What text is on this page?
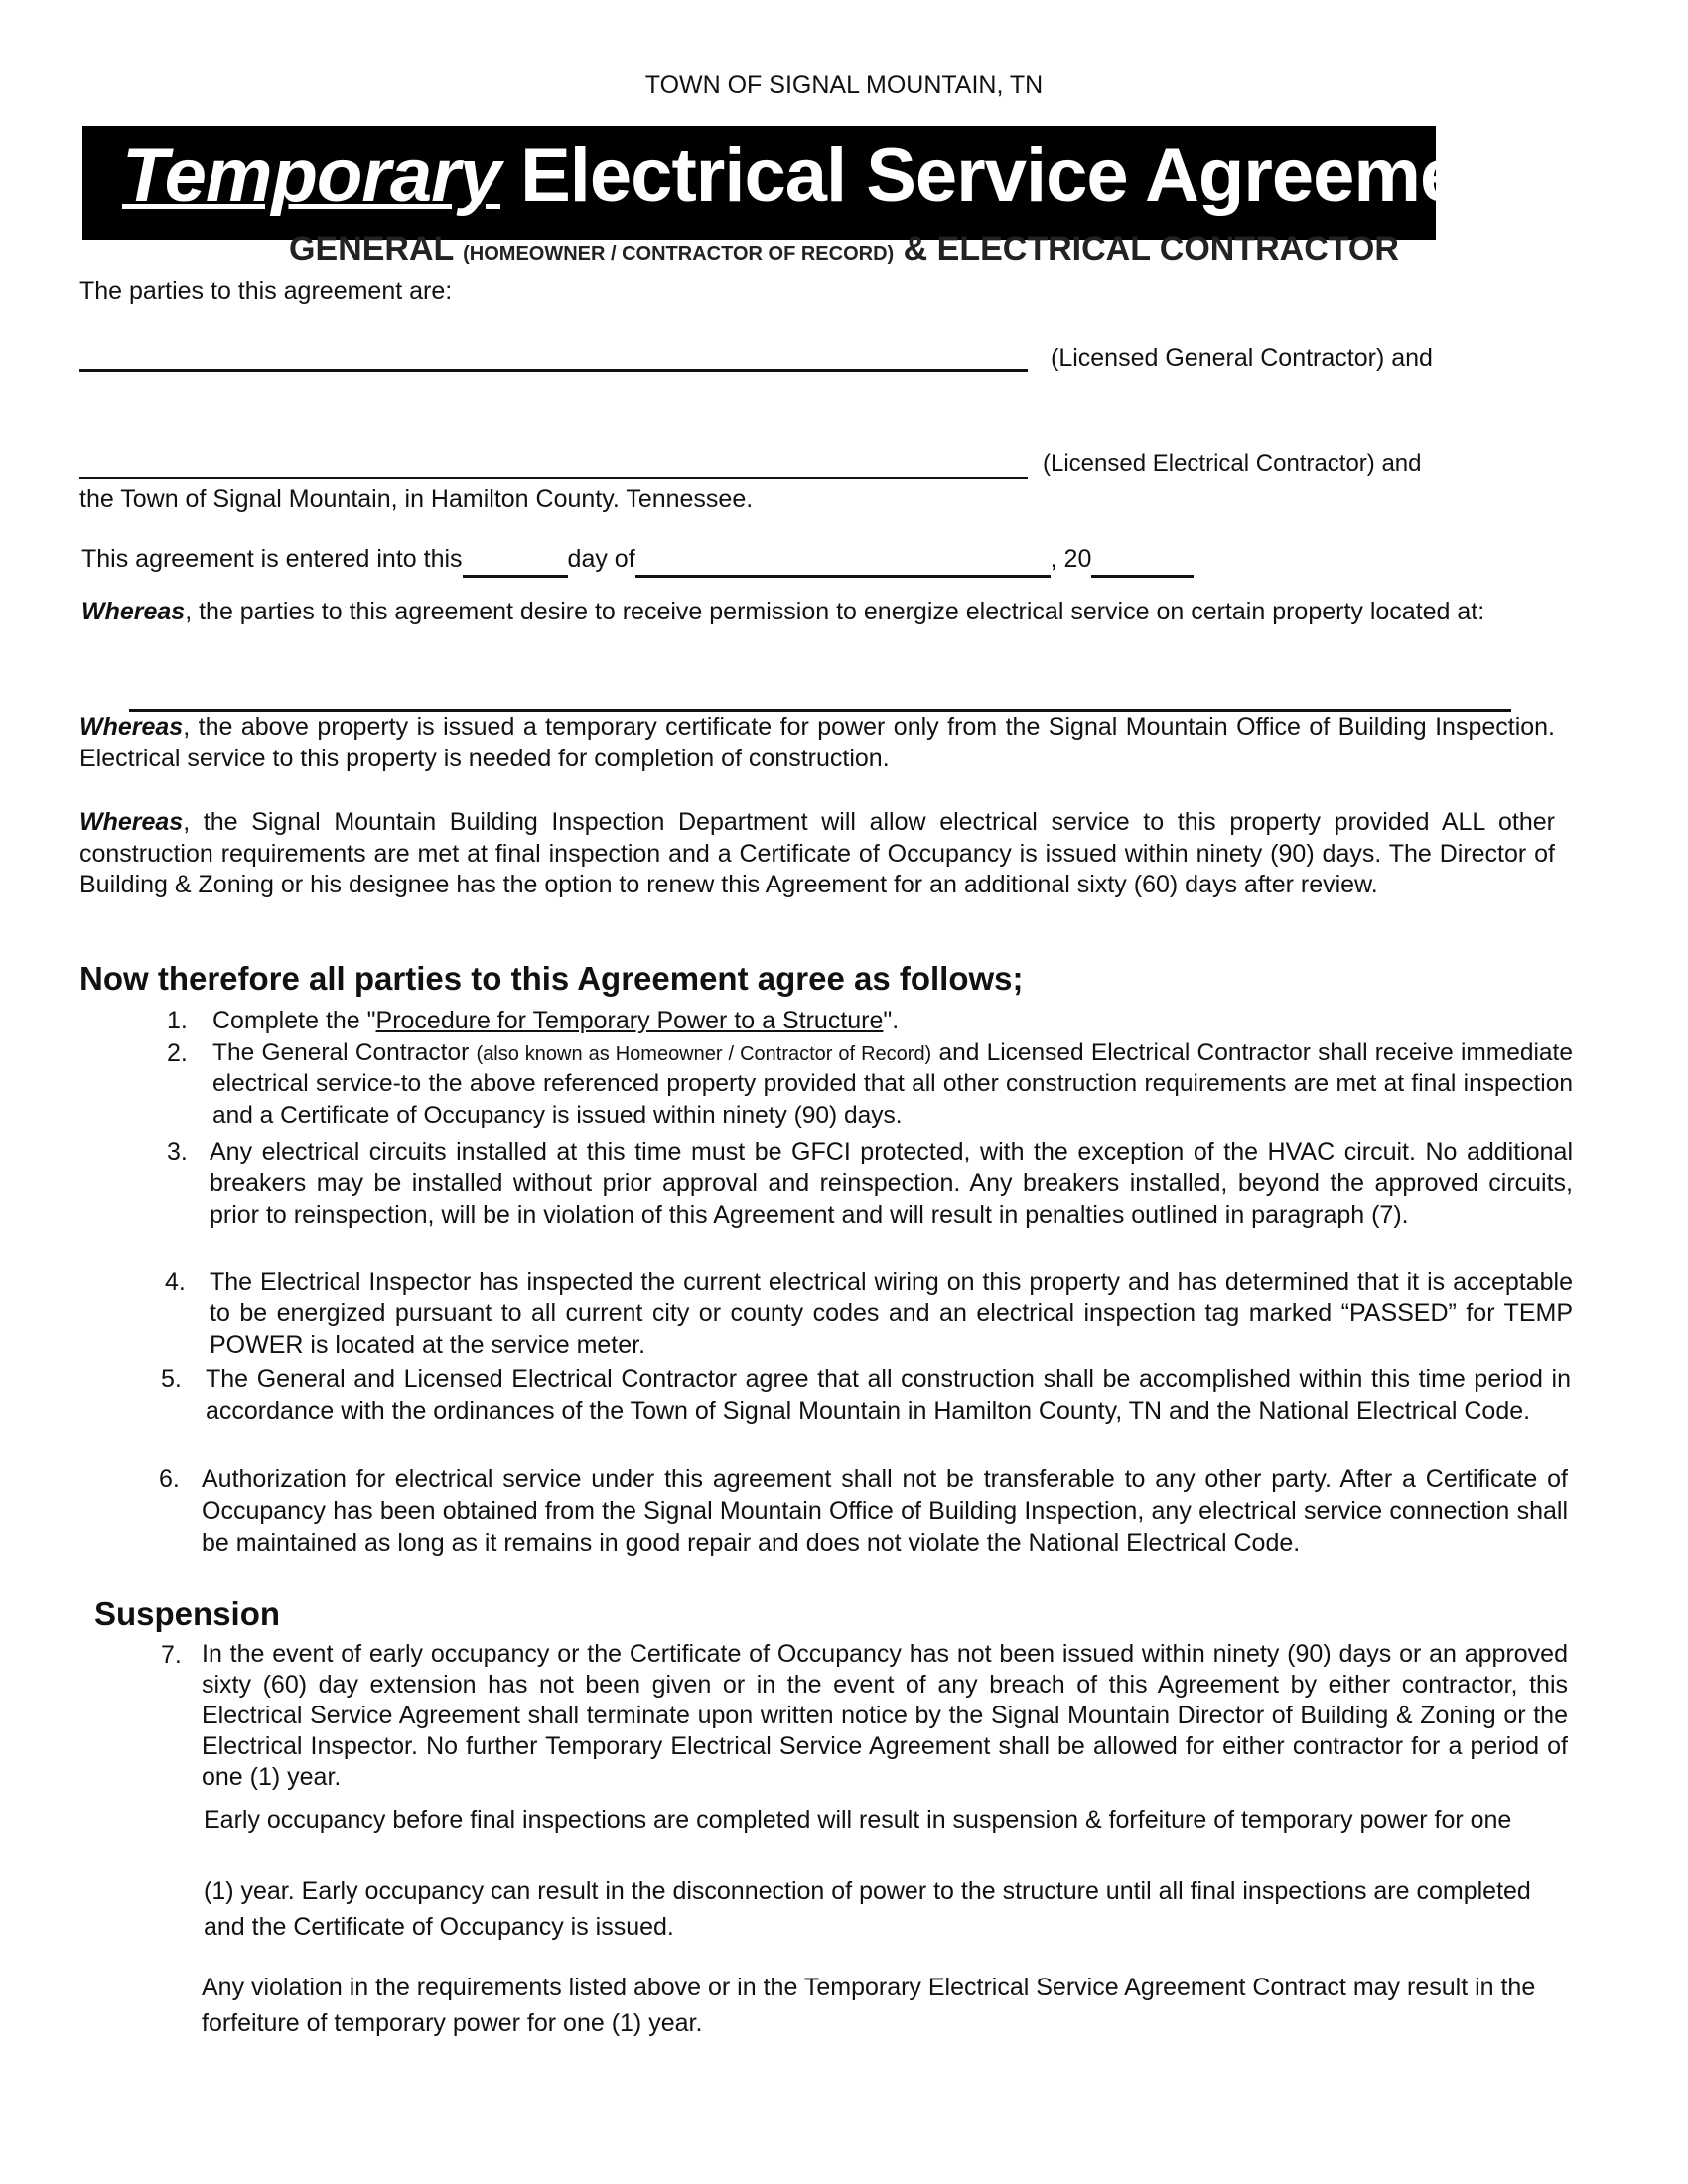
TOWN OF SIGNAL MOUNTAIN, TN
Temporary Electrical Service Agreement
GENERAL (HOMEOWNER / CONTRACTOR OF RECORD) & ELECTRICAL CONTRACTOR
The parties to this agreement are:
(Licensed General Contractor) and
(Licensed Electrical Contractor) and
the Town of Signal Mountain, in Hamilton County. Tennessee.
This agreement is entered into this	day of	, 20
Whereas, the parties to this agreement desire to receive permission to energize electrical service on certain property located at:
Whereas, the above property is issued a temporary certificate for power only from the Signal Mountain Office of Building Inspection. Electrical service to this property is needed for completion of construction.
Whereas, the Signal Mountain Building Inspection Department will allow electrical service to this property provided ALL other construction requirements are met at final inspection and a Certificate of Occupancy is issued within ninety (90) days. The Director of Building & Zoning or his designee has the option to renew this Agreement for an additional sixty (60) days after review.
Now therefore all parties to this Agreement agree as follows;
1. Complete the "Procedure for Temporary Power to a Structure".
2. The General Contractor (also known as Homeowner / Contractor of Record) and Licensed Electrical Contractor shall receive immediate electrical service-to the above referenced property provided that all other construction requirements are met at final inspection and a Certificate of Occupancy is issued within ninety (90) days.
3. Any electrical circuits installed at this time must be GFCI protected, with the exception of the HVAC circuit. No additional breakers may be installed without prior approval and reinspection. Any breakers installed, beyond the approved circuits, prior to reinspection, will be in violation of this Agreement and will result in penalties outlined in paragraph (7).
4. The Electrical Inspector has inspected the current electrical wiring on this property and has determined that it is acceptable to be energized pursuant to all current city or county codes and an electrical inspection tag marked “PASSED” for TEMP POWER is located at the service meter.
5. The General and Licensed Electrical Contractor agree that all construction shall be accomplished within this time period in accordance with the ordinances of the Town of Signal Mountain in Hamilton County, TN and the National Electrical Code.
6. Authorization for electrical service under this agreement shall not be transferable to any other party. After a Certificate of Occupancy has been obtained from the Signal Mountain Office of Building Inspection, any electrical service connection shall be maintained as long as it remains in good repair and does not violate the National Electrical Code.
Suspension
7. In the event of early occupancy or the Certificate of Occupancy has not been issued within ninety (90) days or an approved sixty (60) day extension has not been given or in the event of any breach of this Agreement by either contractor, this Electrical Service Agreement shall terminate upon written notice by the Signal Mountain Director of Building & Zoning or the Electrical Inspector. No further Temporary Electrical Service Agreement shall be allowed for either contractor for a period of one (1) year.
Early occupancy before final inspections are completed will result in suspension & forfeiture of temporary power for one
(1) year. Early occupancy can result in the disconnection of power to the structure until all final inspections are completed and the Certificate of Occupancy is issued.
Any violation in the requirements listed above or in the Temporary Electrical Service Agreement Contract may result in the forfeiture of temporary power for one (1) year.
